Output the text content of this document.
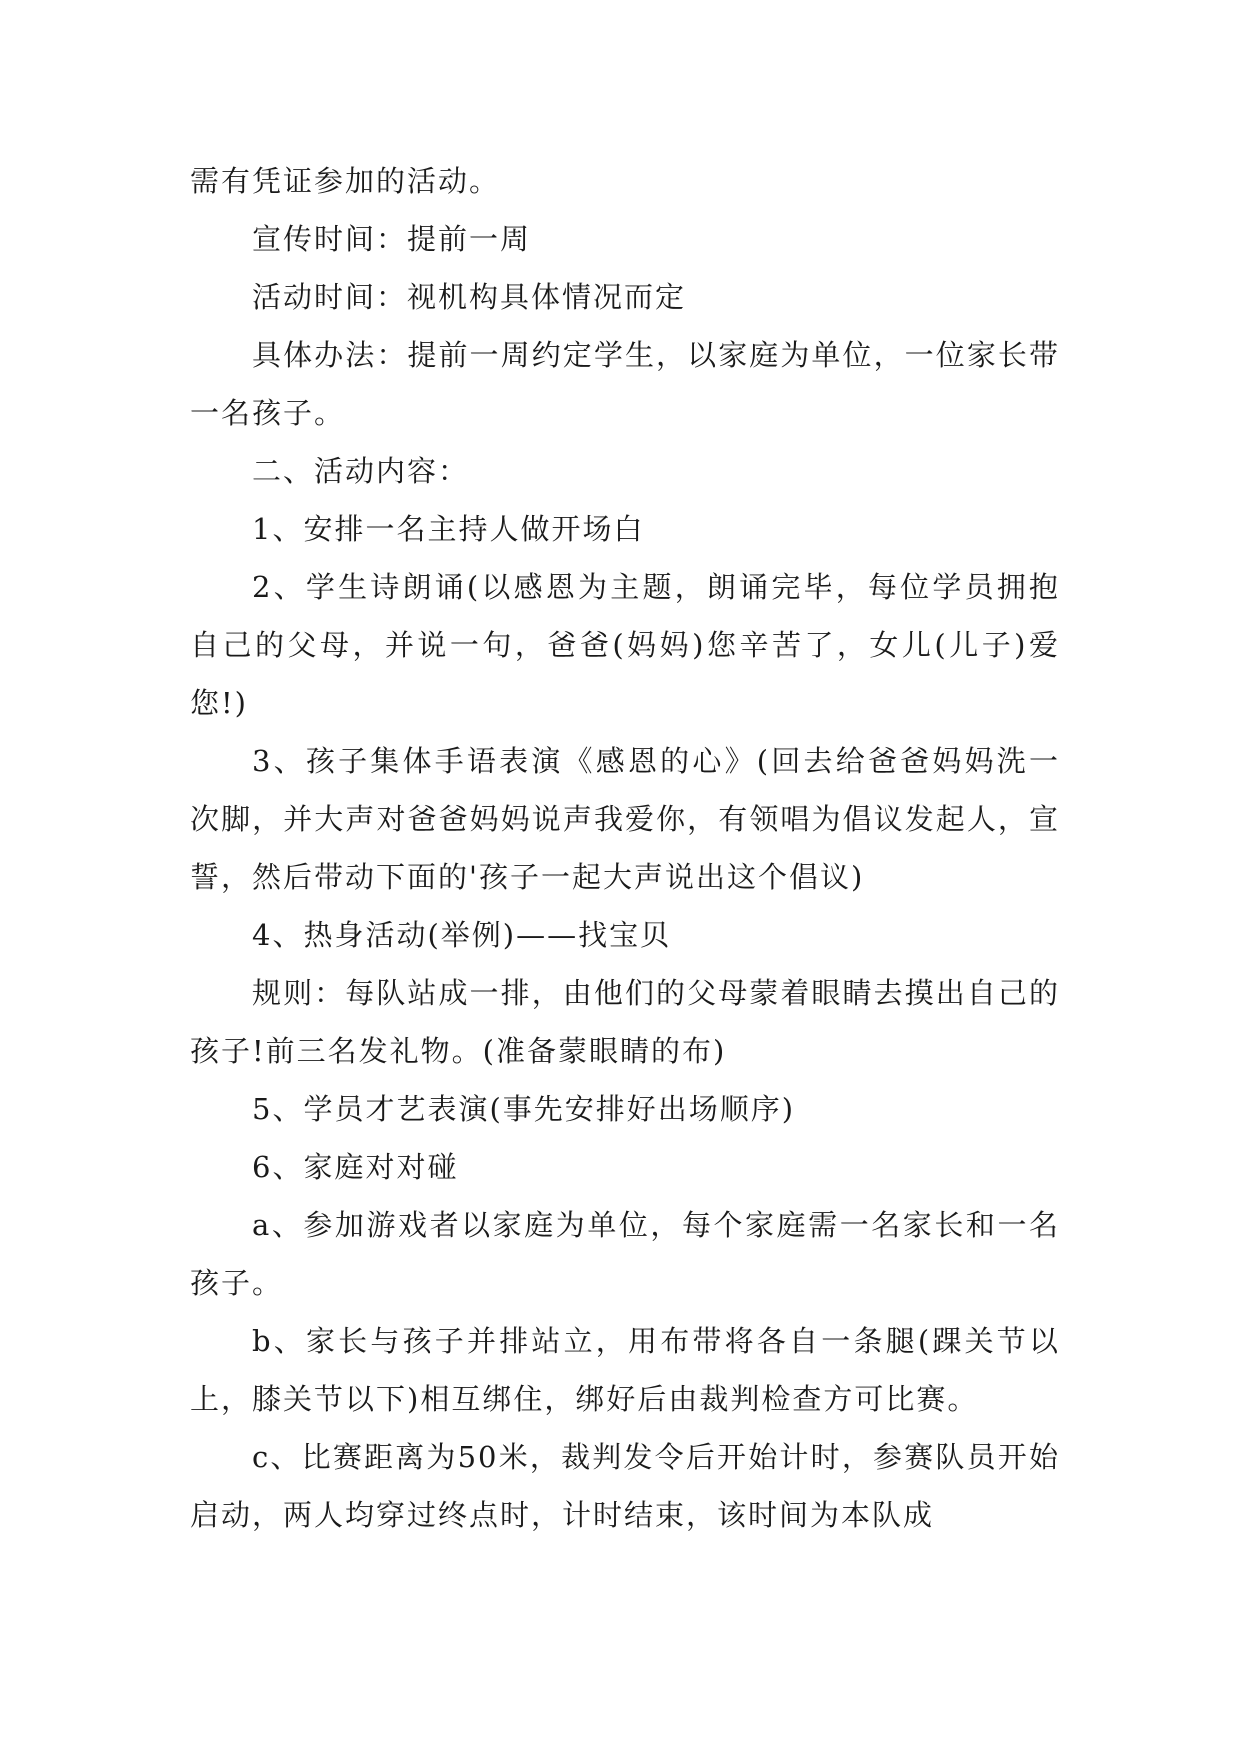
需有凭证参加的活动。

宣传时间：提前一周

活动时间：视机构具体情况而定

具体办法：提前一周约定学生，以家庭为单位，一位家长带一名孩子。

二、活动内容：

1、安排一名主持人做开场白

2、学生诗朗诵(以感恩为主题，朗诵完毕，每位学员拥抱自己的父母，并说一句，爸爸(妈妈)您辛苦了，女儿(儿子)爱您!)

3、孩子集体手语表演《感恩的心》(回去给爸爸妈妈洗一次脚，并大声对爸爸妈妈说声我爱你，有领唱为倡议发起人，宣誓，然后带动下面的'孩子一起大声说出这个倡议)

4、热身活动(举例)——找宝贝

规则：每队站成一排，由他们的父母蒙着眼睛去摸出自己的孩子!前三名发礼物。(准备蒙眼睛的布)

5、学员才艺表演(事先安排好出场顺序)

6、家庭对对碰

a、参加游戏者以家庭为单位，每个家庭需一名家长和一名孩子。

b、家长与孩子并排站立，用布带将各自一条腿(踝关节以上，膝关节以下)相互绑住，绑好后由裁判检查方可比赛。

c、比赛距离为50米，裁判发令后开始计时，参赛队员开始启动，两人均穿过终点时，计时结束，该时间为本队成
